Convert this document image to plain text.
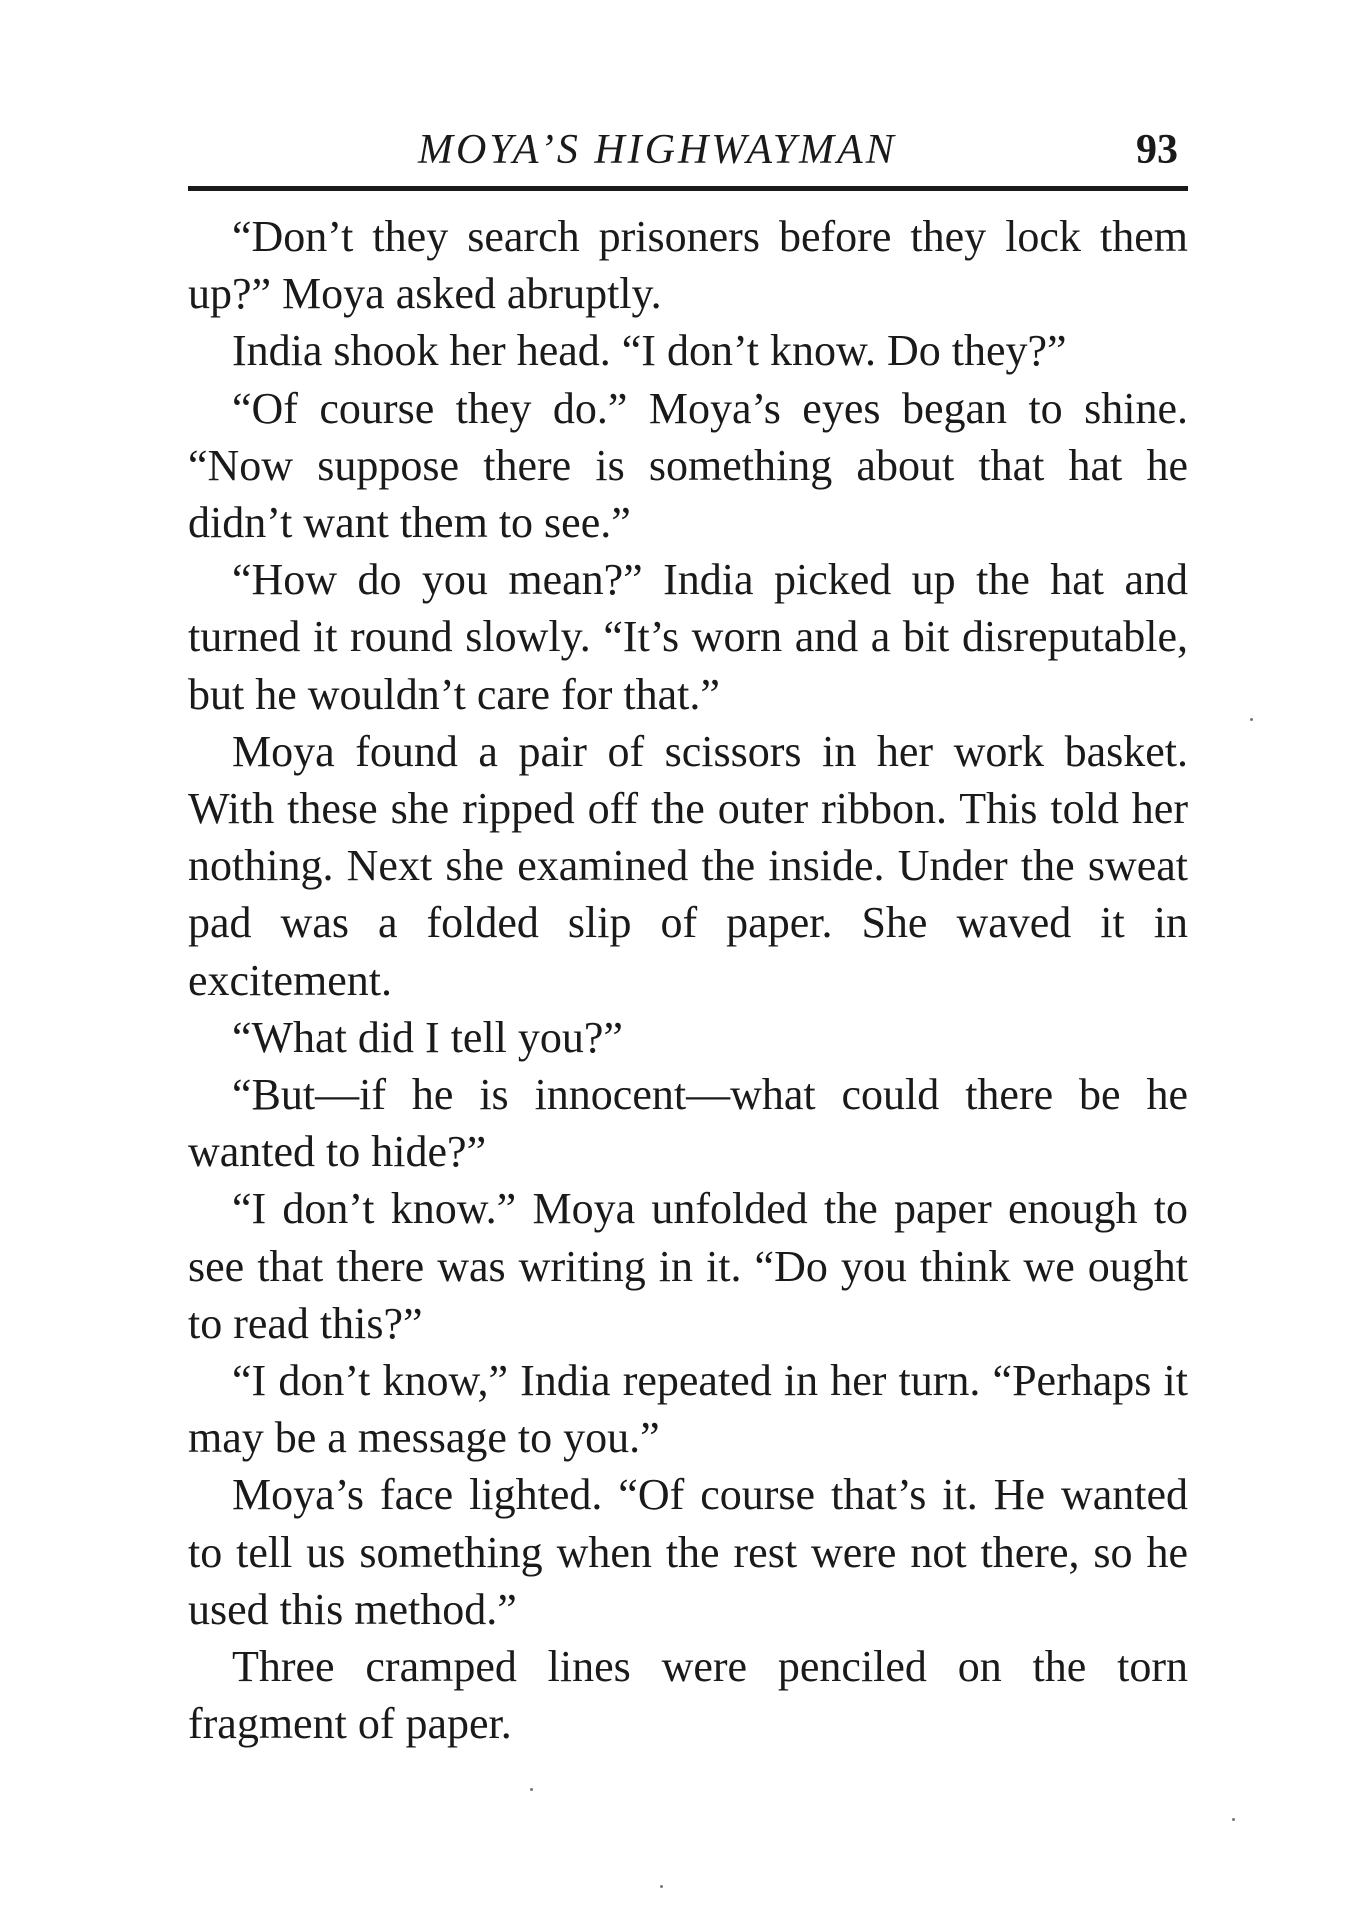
MOYA’S HIGHWAYMAN	93

“Don’t they search prisoners before they lock them up?” Moya asked abruptly.

India shook her head. “I don’t know. Do they?”

“Of course they do.” Moya’s eyes began to shine. “Now suppose there is something about that hat he didn’t want them to see.”

“How do you mean?” India picked up the hat and turned it round slowly. “It’s worn and a bit disreputable, but he wouldn’t care for that.”

Moya found a pair of scissors in her work basket. With these she ripped off the outer ribbon. This told her nothing. Next she examined the inside. Under the sweat pad was a folded slip of paper. She waved it in excitement.

“What did I tell you?”

“But—if he is innocent—what could there be he wanted to hide?”

“I don’t know.” Moya unfolded the paper enough to see that there was writing in it. “Do you think we ought to read this?”

“I don’t know,” India repeated in her turn. “Perhaps it may be a message to you.”

Moya’s face lighted. “Of course that’s it. He wanted to tell us something when the rest were not there, so he used this method.”

Three cramped lines were penciled on the torn fragment of paper.
